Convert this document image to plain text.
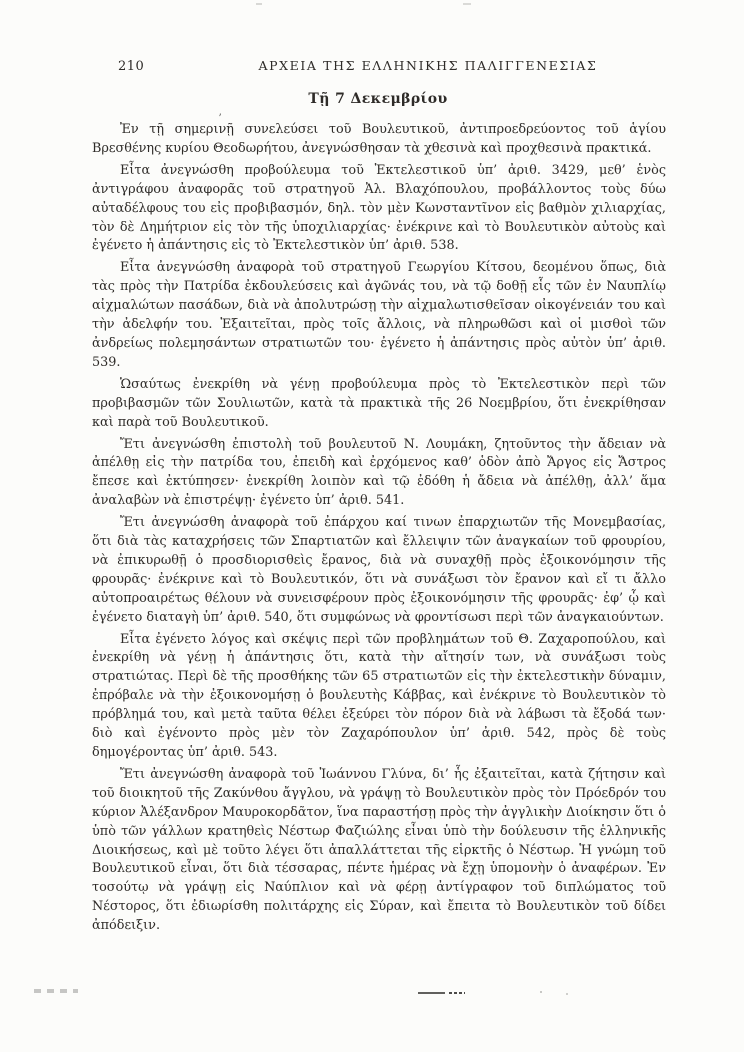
210	ΑΡΧΕΙΑ ΤΗΣ ΕΛΛΗΝΙΚΗΣ ΠΑΛΙΓΓΕΝΕΣΙΑΣ
Τῇ 7 Δεκεμβρίου
ʼ

Ἐν τῇ σημερινῇ συνελεύσει τοῦ Βουλευτικοῦ, ἀντιπροεδρεύοντος τοῦ ἁγίου Βρεσθένης κυρίου Θεοδωρήτου, ἀνεγνώσθησαν τὰ χθεσινὰ καὶ προχθεσινὰ πρακτικά.

Εἶτα ἀνεγνώσθη προβούλευμα τοῦ Ἐκτελεστικοῦ ὑπ’ ἀριθ. 3429, μεθ’ ἑνὸς ἀντιγράφου ἀναφορᾶς τοῦ στρατηγοῦ Ἀλ. Βλαχόπουλου, προβάλλοντος τοὺς δύω αὐταδέλφους του εἰς προβιβασμόν, δηλ. τὸν μὲν Κωνσταντῖνον εἰς βαθμὸν χιλιαρχίας, τὸν δὲ Δημήτριον εἰς τὸν τῆς ὑποχιλιαρχίας· ἐνέκρινε καὶ τὸ Βουλευτικὸν αὐτοὺς καὶ ἐγένετο ἡ ἀπάντησις εἰς τὸ Ἐκτελεστικὸν ὑπ’ ἀριθ. 538.

Εἶτα ἀνεγνώσθη ἀναφορὰ τοῦ στρατηγοῦ Γεωργίου Κίτσου, δεομένου ὅπως, διὰ τὰς πρὸς τὴν Πατρίδα ἐκδουλεύσεις καὶ ἀγῶνάς του, νὰ τῷ δοθῇ εἷς τῶν ἐν Ναυπλίῳ αἰχμαλώτων πασάδων, διὰ νὰ ἀπολυτρώσῃ τὴν αἰχμαλωτισθεῖσαν οἰκογένειάν του καὶ τὴν ἀδελφήν του. Ἐξαιτεῖται, πρὸς τοῖς ἄλλοις, νὰ πληρωθῶσι καὶ οἱ μισθοὶ τῶν ἀνδρείως πολεμησάντων στρατιωτῶν του· ἐγένετο ἡ ἀπάντησις πρὸς αὐτὸν ὑπ’ ἀριθ. 539.

Ὡσαύτως ἐνεκρίθη νὰ γένῃ προβούλευμα πρὸς τὸ Ἐκτελεστικὸν περὶ τῶν προβιβασμῶν τῶν Σουλιωτῶν, κατὰ τὰ πρακτικὰ τῆς 26 Νοεμβρίου, ὅτι ἐνεκρίθησαν καὶ παρὰ τοῦ Βουλευτικοῦ.

Ἔτι ἀνεγνώσθη ἐπιστολὴ τοῦ βουλευτοῦ Ν. Λουμάκη, ζητοῦντος τὴν ἄδειαν νὰ ἀπέλθῃ εἰς τὴν πατρίδα του, ἐπειδὴ καὶ ἐρχόμενος καθ’ ὁδὸν ἀπὸ Ἄργος εἰς Ἄστρος ἔπεσε καὶ ἐκτύπησεν· ἐνεκρίθη λοιπὸν καὶ τῷ ἐδόθη ἡ ἄδεια νὰ ἀπέλθῃ, ἀλλ’ ἅμα ἀναλαβὼν νὰ ἐπιστρέψῃ· ἐγένετο ὑπ’ ἀριθ. 541.

Ἔτι ἀνεγνώσθη ἀναφορὰ τοῦ ἐπάρχου καί τινων ἐπαρχιωτῶν τῆς Μονεμβασίας, ὅτι διὰ τὰς καταχρήσεις τῶν Σπαρτιατῶν καὶ ἔλλειψιν τῶν ἀναγκαίων τοῦ φρουρίου, νὰ ἐπικυρωθῇ ὁ προσδιορισθεὶς ἔρανος, διὰ νὰ συναχθῇ πρὸς ἐξοικονόμησιν τῆς φρουρᾶς· ἐνέκρινε καὶ τὸ Βουλευτικόν, ὅτι νὰ συνάξωσι τὸν ἔρανον καὶ εἴ τι ἄλλο αὐτοπροαιρέτως θέλουν νὰ συνεισφέρουν πρὸς ἐξοικονόμησιν τῆς φρουρᾶς· ἐφ’ ᾧ καὶ ἐγένετο διαταγὴ ὑπ’ ἀριθ. 540, ὅτι συμφώνως νὰ φροντίσωσι περὶ τῶν ἀναγκαιούντων.

Εἶτα ἐγένετο λόγος καὶ σκέψις περὶ τῶν προβλημάτων τοῦ Θ. Ζαχαροπούλου, καὶ ἐνεκρίθη νὰ γένῃ ἡ ἀπάντησις ὅτι, κατὰ τὴν αἴτησίν των, νὰ συνάξωσι τοὺς στρατιώτας. Περὶ δὲ τῆς προσθήκης τῶν 65 στρατιωτῶν εἰς τὴν ἐκτελεστικὴν δύναμιν, ἐπρόβαλε νὰ τὴν ἐξοικονομήσῃ ὁ βουλευτὴς Κάββας, καὶ ἐνέκρινε τὸ Βουλευτικὸν τὸ πρόβλημά του, καὶ μετὰ ταῦτα θέλει ἐξεύρει τὸν πόρον διὰ νὰ λάβωσι τὰ ἔξοδά των· διὸ καὶ ἐγένοντο πρὸς μὲν τὸν Ζαχαρόπουλον ὑπ’ ἀριθ. 542, πρὸς δὲ τοὺς δημογέροντας ὑπ’ ἀριθ. 543.

Ἔτι ἀνεγνώσθη ἀναφορὰ τοῦ Ἰωάννου Γλύνα, δι’ ἧς ἐξαιτεῖται, κατὰ ζήτησιν καὶ τοῦ διοικητοῦ τῆς Ζακύνθου ἄγγλου, νὰ γράψῃ τὸ Βουλευτικὸν πρὸς τὸν Πρόεδρόν του κύριον Ἀλέξανδρον Μαυροκορδᾶτον, ἵνα παραστήσῃ πρὸς τὴν ἀγγλικὴν Διοίκησιν ὅτι ὁ ὑπὸ τῶν γάλλων κρατηθεὶς Νέστωρ Φαζιώλης εἶναι ὑπὸ τὴν δούλευσιν τῆς ἑλληνικῆς Διοικήσεως, καὶ μὲ τοῦτο λέγει ὅτι ἀπαλλάττεται τῆς εἱρκτῆς ὁ Νέστωρ. Ἡ γνώμη τοῦ Βουλευτικοῦ εἶναι, ὅτι διὰ τέσσαρας, πέντε ἡμέρας νὰ ἔχῃ ὑπομονὴν ὁ ἀναφέρων. Ἐν τοσούτῳ νὰ γράψῃ εἰς Ναύπλιον καὶ νὰ φέρῃ ἀντίγραφον τοῦ διπλώματος τοῦ Νέστορος, ὅτι ἐδιωρίσθη πολιτάρχης εἰς Σύραν, καὶ ἔπειτα τὸ Βουλευτικὸν τοῦ δίδει ἀπόδειξιν.
